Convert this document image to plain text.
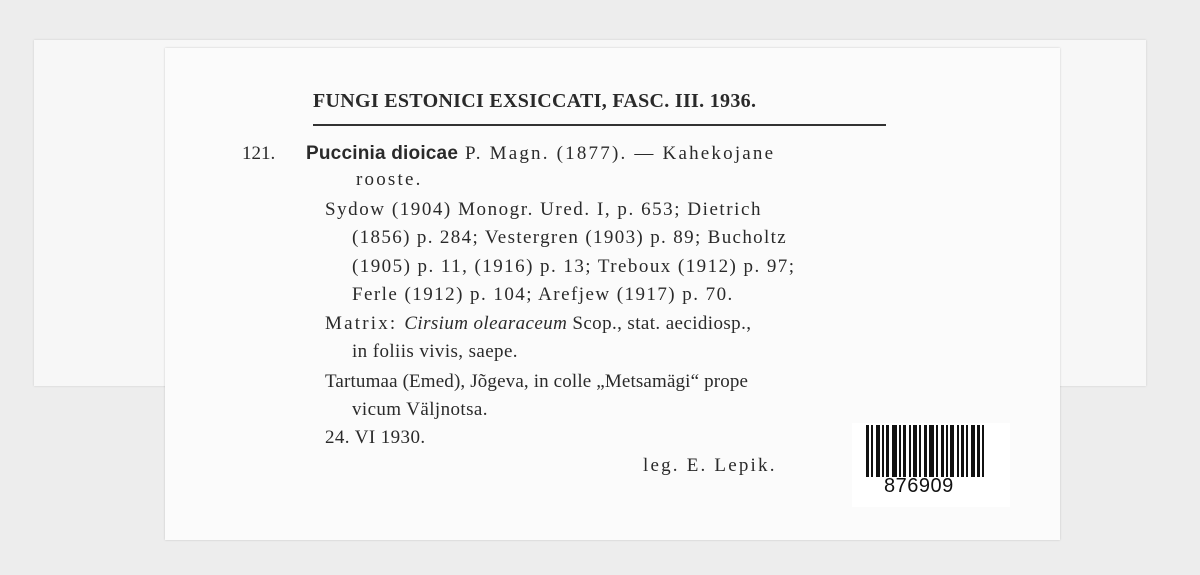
FUNGI ESTONICI EXSICCATI, FASC. III. 1936.
121. Puccinia dioicae P. Magn. (1877). — Kahekojane
rooste.
Sydow (1904) Monogr. Ured. I, p. 653; Dietrich
(1856) p. 284; Vestergren (1903) p. 89; Bucholtz
(1905) p. 11, (1916) p. 13; Treboux (1912) p. 97;
Ferle (1912) p. 104; Arefjew (1917) p. 70.
Matrix: Cirsium olearaceum Scop., stat. aecidiosp.,
in foliis vivis, saepe.
Tartumaa (Emed), Jõgeva, in colle „Metsamägi“ prope
vicum Väljnotsa.
24. VI 1930.
leg. E. Lepik.
876909
